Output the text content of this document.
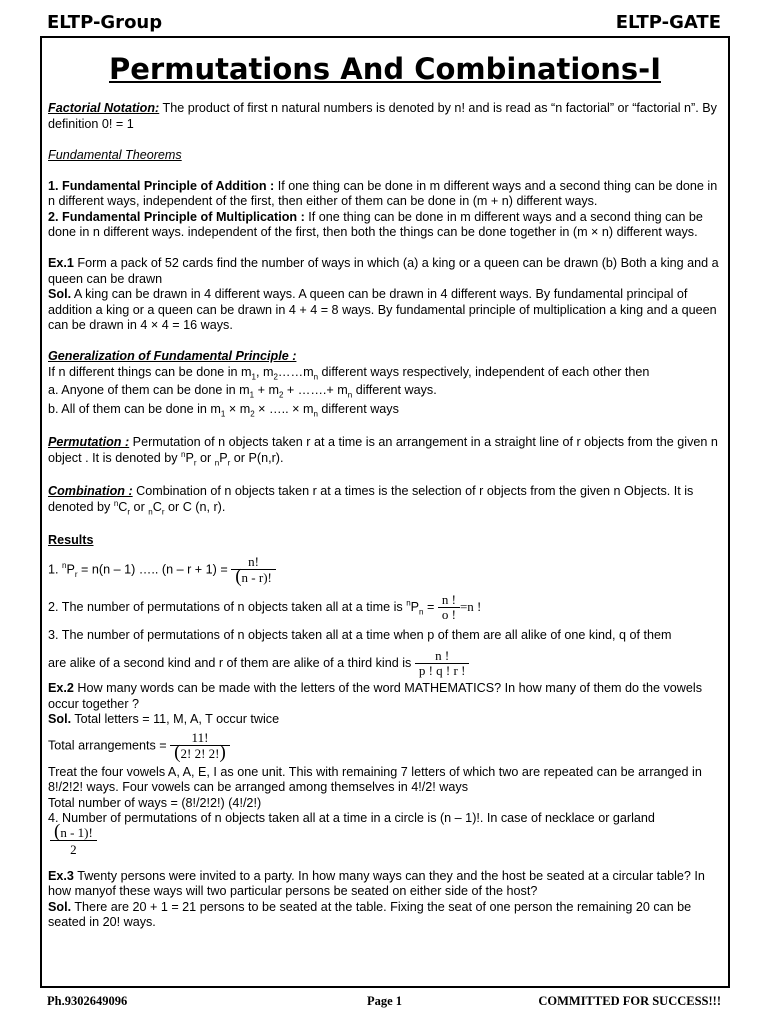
ELTP-Group	ELTP-GATE
Permutations And Combinations-I

Factorial Notation: The product of first n natural numbers is denoted by n! and is read as “n factorial” or “factorial n”. By definition 0! = 1

Fundamental Theorems

1. Fundamental Principle of Addition : If one thing can be done in m different ways and a second thing can be done in n different ways, independent of the first, then either of them can be done in (m + n) different ways.

2. Fundamental Principle of Multiplication : If one thing can be done in m different ways and a second thing can be done in n different ways. independent of the first, then both the things can be done together in (m × n) different ways.

Ex.1 Form a pack of 52 cards find the number of ways in which (a) a king or a queen can be drawn (b) Both a king and a queen can be drawn

Sol. A king can be drawn in 4 different ways. A queen can be drawn in 4 different ways. By fundamental principal of addition a king or a queen can be drawn in 4 + 4 = 8 ways. By fundamental principle of multiplication a king and a queen can be drawn in 4 × 4 = 16 ways.

Generalization of Fundamental Principle :

If n different things can be done in $m_1$, $m_2\dots\dots m_n$ different ways respectively, independent of each other then

a. Anyone of them can be done in $m_1 + m_2$ + …….+ $m_n$ different ways.

b. All of them can be done in $m_1 \times m_2$ × ….. × $m_n$ different ways

Permutation : Permutation of n objects taken r at a time is an arrangement in a straight line of r objects from the given n object . It is denoted by $^nP_r$ or $_nP_r$ or P(n,r).

Combination : Combination of n objects taken r at a times is the selection of r objects from the given n Objects. It is denoted by $^nC_r$ or $_nC_r$ or C (n, r).

Results

1. $^nP_r = n(n - 1)$ ….. $(n - r + 1) = \frac{n!}{(n - r)!}$

2. The number of permutations of n objects taken all at a time is $^nP_n = \frac{n !}{o !} =n$ !

3. The number of permutations of n objects taken all at a time when p of them are all alike of one kind, q of them

are alike of a second kind and r of them are alike of a third kind is $\frac{n !}{p ! q ! r !}$

Ex.2 How many words can be made with the letters of the word MATHEMATICS? In how many of them do the vowels occur together ?

Sol. Total letters = 11, M, A, T occur twice

Total arrangements = $\frac{11!}{(2! 2! 2!)}$

Treat the four vowels A, A, E, I as one unit. This with remaining 7 letters of which two are repeated can be arranged in 8!/2!2! ways. Four vowels can be arranged among themselves in 4!/2! ways

Total number of ways = (8!/2!2!) (4!/2!)

4. Number of permutations of n objects taken all at a time in a circle is (n – 1)!. In case of necklace or garland

$\frac{(n - 1)!}{2}$

Ex.3 Twenty persons were invited to a party. In how many ways can they and the host be seated at a circular table? In how manyof these ways will two particular persons be seated on either side of the host?

Sol. There are 20 + 1 = 21 persons to be seated at the table. Fixing the seat of one person the remaining 20 can be seated in 20! ways.

Ph.9302649096	Page 1	COMMITTED FOR SUCCESS!!!
